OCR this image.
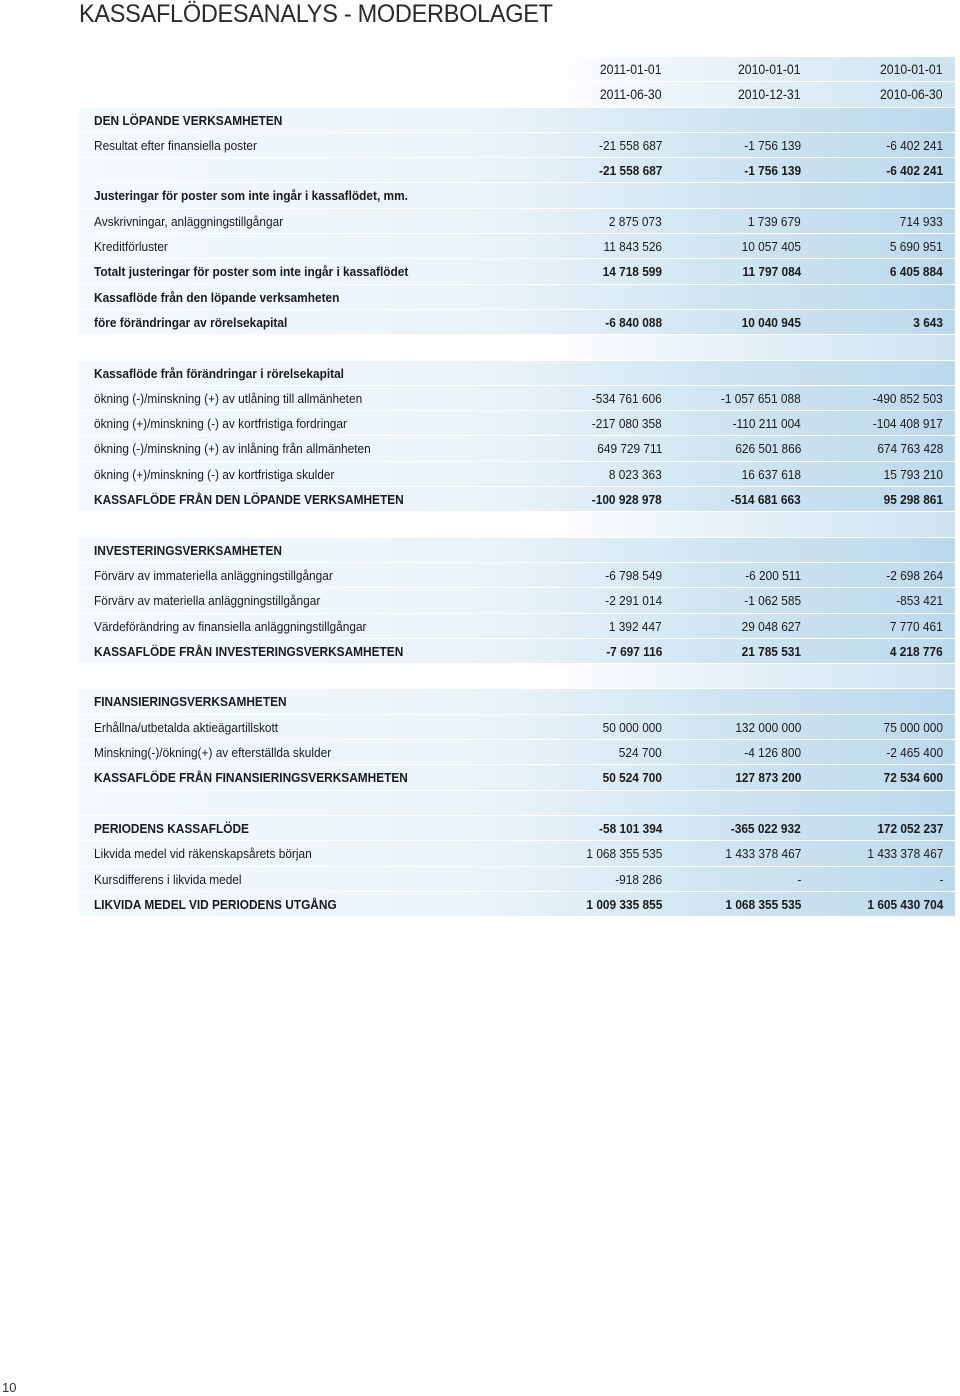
KASSAFLÖDESANALYS - MODERBOLAGET
2011-01-01	2010-01-01	2010-01-01
2011-06-30	2010-12-31	2010-06-30
DEN LÖPANDE VERKSAMHETEN
Resultat efter finansiella poster	-21 558 687	-1 756 139	-6 402 241
-21 558 687	-1 756 139	-6 402 241
Justeringar för poster som inte ingår i kassaflödet, mm.
Avskrivningar, anläggningstillgångar	2 875 073	1 739 679	714 933
Kreditförluster	11 843 526	10 057 405	5 690 951
Totalt justeringar för poster som inte ingår i kassaflödet	14 718 599	11 797 084	6 405 884
Kassaflöde från den löpande verksamheten
före förändringar av rörelsekapital	-6 840 088	10 040 945	3 643
Kassaflöde från förändringar i rörelsekapital
ökning (-)/minskning (+) av utlåning till allmänheten	-534 761 606	-1 057 651 088	-490 852 503
ökning (+)/minskning (-) av kortfristiga fordringar	-217 080 358	-110 211 004	-104 408 917
ökning (-)/minskning (+) av inlåning från allmänheten	649 729 711	626 501 866	674 763 428
ökning (+)/minskning (-) av kortfristiga skulder	8 023 363	16 637 618	15 793 210
KASSAFLÖDE FRÅN DEN LÖPANDE VERKSAMHETEN	-100 928 978	-514 681 663	95 298 861
INVESTERINGSVERKSAMHETEN
Förvärv av immateriella anläggningstillgångar	-6 798 549	-6 200 511	-2 698 264
Förvärv av materiella anläggningstillgångar	-2 291 014	-1 062 585	-853 421
Värdeförändring av finansiella anläggningstillgångar	1 392 447	29 048 627	7 770 461
KASSAFLÖDE FRÅN INVESTERINGSVERKSAMHETEN	-7 697 116	21 785 531	4 218 776
FINANSIERINGSVERKSAMHETEN
Erhållna/utbetalda aktieägartillskott	50 000 000	132 000 000	75 000 000
Minskning(-)/ökning(+) av efterställda skulder	524 700	-4 126 800	-2 465 400
KASSAFLÖDE FRÅN FINANSIERINGSVERKSAMHETEN	50 524 700	127 873 200	72 534 600
PERIODENS KASSAFLÖDE	-58 101 394	-365 022 932	172 052 237
Likvida medel vid räkenskapsårets början	1 068 355 535	1 433 378 467	1 433 378 467
Kursdifferens i likvida medel	-918 286	-	-
LIKVIDA MEDEL VID PERIODENS UTGÅNG	1 009 335 855	1 068 355 535	1 605 430 704
10
